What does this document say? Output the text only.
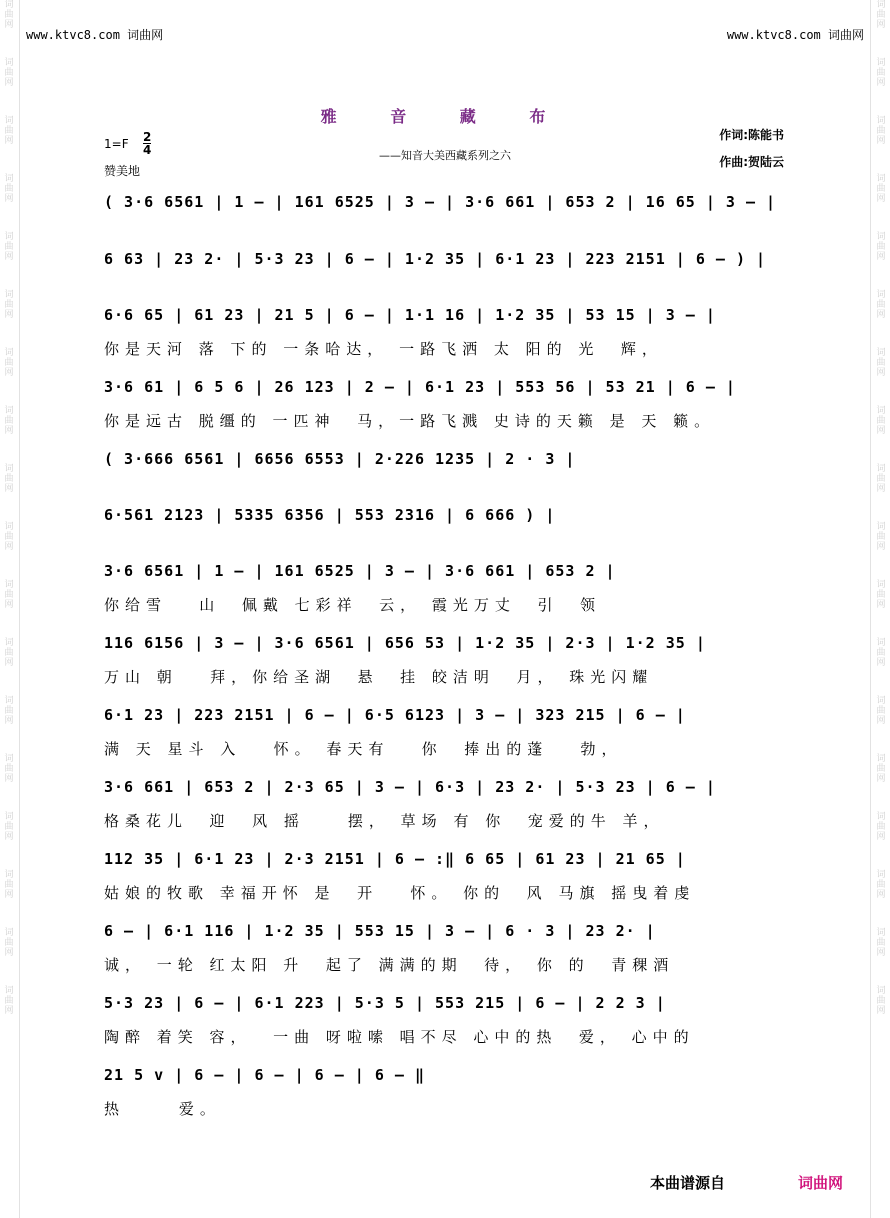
词
曲
网
词
曲
网
词
曲
网
词
曲
网
词
曲
网
词
曲
网
词
曲
网
词
曲
网
词
曲
网
词
曲
网
词
曲
网
词
曲
网
词
曲
网
词
曲
网
词
曲
网
词
曲
网
词
曲
网
词
曲
网
词
曲
网
词
曲
网
词
曲
网
词
曲
网
词
曲
网
词
曲
网
词
曲
网
词
曲
网
词
曲
网
词
曲
网
词
曲
网
词
曲
网
词
曲
网
词
曲
网
词
曲
网
词
曲
网
词
曲
网
词
曲
网
www.ktvc8.com 词曲网	www.ktvc8.com 词曲网
雅 音 藏 布
——知音大美西藏系列之六
作词:陈能书
作曲:贺陆云
1=F 2
4
赞美地
( 3·6 6561 | 1 — | 161 6525 | 3 — | 3·6 661 | 653 2 | 16 65 | 3 — |
6 63 | 23 2· | 5·3 23 | 6 — | 1·2 35 | 6·1 23 | 223 2151 | 6 — ) |
6·6 65 | 61 23 | 21 5 | 6 — | 1·1 16 | 1·2 35 | 53 15 | 3 — |
你是天河 落 下的 一条哈达， 一路飞洒 太 阳的 光  辉，
3·6 61 | 6 5 6 | 26 123 | 2 — | 6·1 23 | 553 56 | 53 21 | 6 — |
你是远古 脱缰的 一匹神  马，一路飞溅 史诗的天籁 是 天 籁。
( 3·666 6561 | 6656 6553 | 2·226 1235 | 2 · 3 |
6·561 2123 | 5335 6356 | 553 2316 | 6 666 ) |
3·6 6561 | 1 — | 161 6525 | 3 — | 3·6 661 | 653 2 |
你给雪   山  佩戴 七彩祥  云， 霞光万丈  引  领
116 6156 | 3 — | 3·6 6561 | 656 53 | 1·2 35 | 2·3 | 1·2 35 |
万山 朝   拜，你给圣湖  悬  挂 皎洁明  月， 珠光闪耀
6·1 23 | 223 2151 | 6 — | 6·5 6123 | 3 — | 323 215 | 6 — |
满 天 星斗 入   怀。 春天有   你  捧出的蓬   勃，
3·6 661 | 653 2 | 2·3 65 | 3 — | 6·3 | 23 2· | 5·3 23 | 6 — |
格桑花儿  迎  风 摇    摆， 草场 有 你  宠爱的牛 羊，
112 35 | 6·1 23 | 2·3 2151 | 6 — :‖ 6 65 | 61 23 | 21 65 |
姑娘的牧歌 幸福开怀 是  开   怀。 你的  风 马旗 摇曳着虔
6 — | 6·1 116 | 1·2 35 | 553 15 | 3 — | 6 · 3 | 23 2· |
诚， 一轮 红太阳 升  起了 满满的期  待， 你 的  青稞酒
5·3 23 | 6 — | 6·1 223 | 5·3 5 | 553 215 | 6 — | 2 2 3 |
陶醉 着笑 容，  一曲 呀啦嗦 唱不尽 心中的热  爱， 心中的
21 5 v | 6 — | 6 — | 6 — | 6 — ‖
热     爱。
本曲谱源自	词曲网
